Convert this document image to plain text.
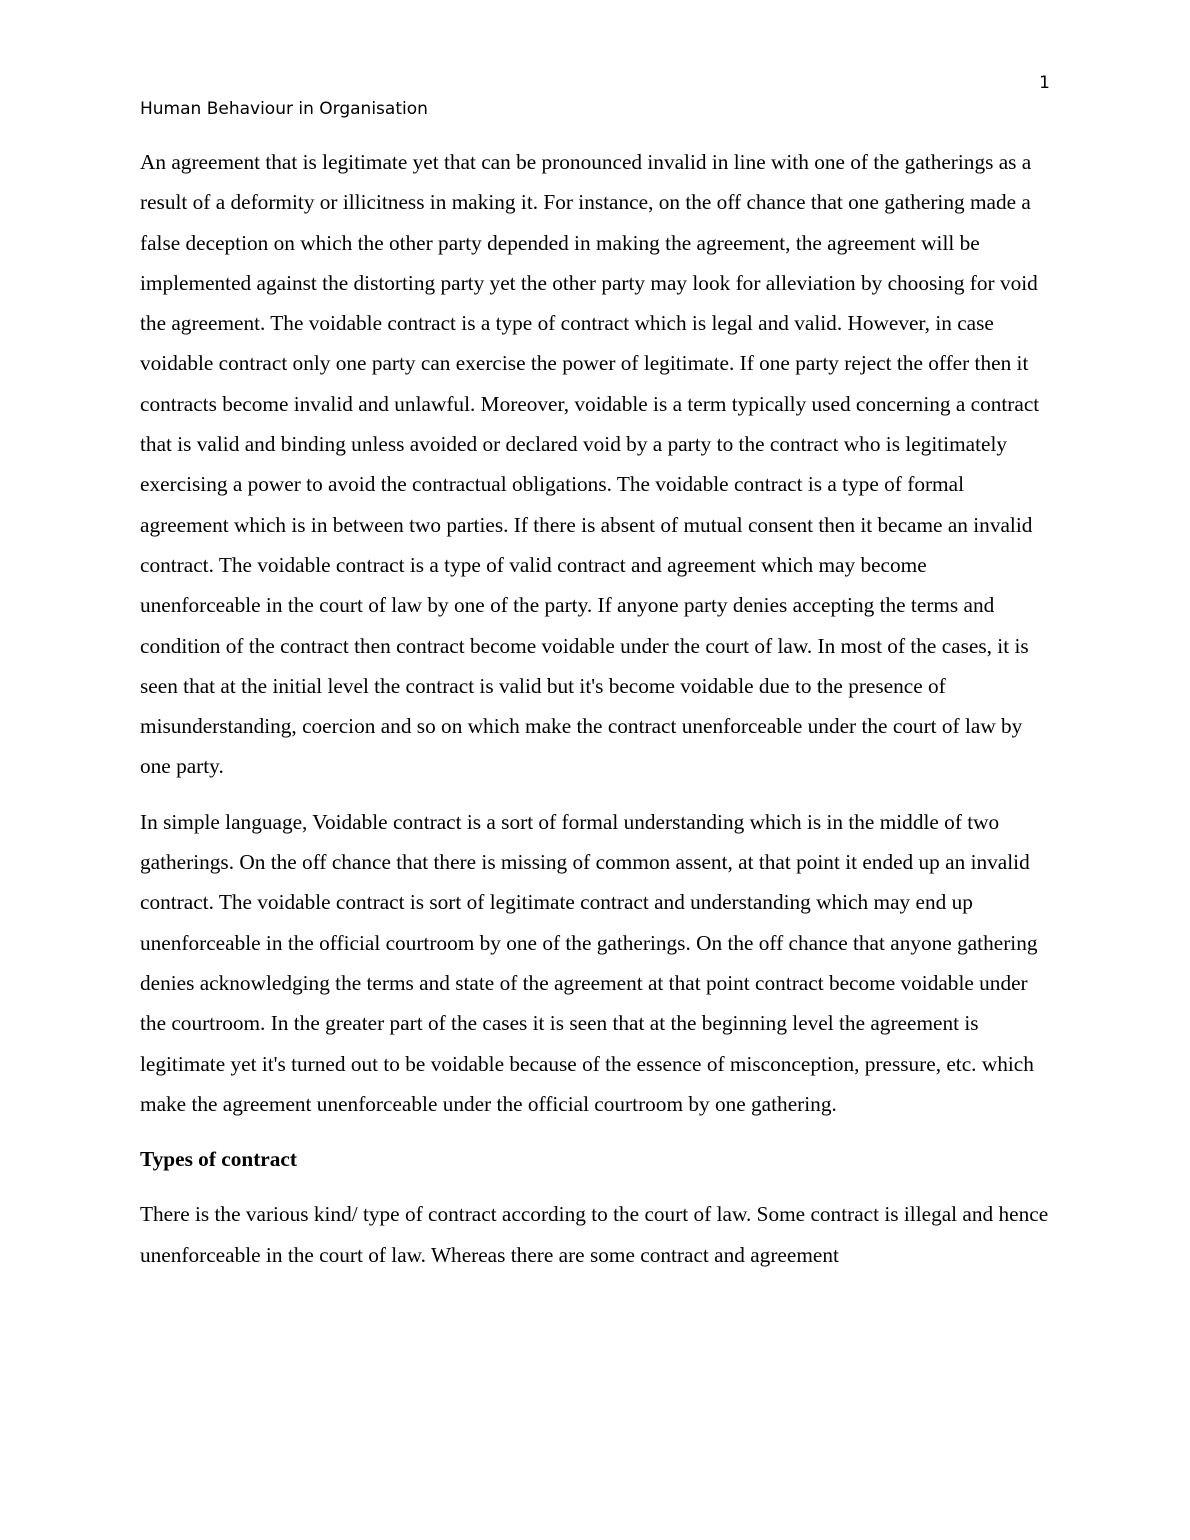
1
Human Behaviour in Organisation

An agreement that is legitimate yet that can be pronounced invalid in line with one of the gatherings as a result of a deformity or illicitness in making it. For instance, on the off chance that one gathering made a false deception on which the other party depended in making the agreement, the agreement will be implemented against the distorting party yet the other party may look for alleviation by choosing for void the agreement. The voidable contract is a type of contract which is legal and valid. However, in case voidable contract only one party can exercise the power of legitimate. If one party reject the offer then it contracts become invalid and unlawful. Moreover, voidable is a term typically used concerning a contract that is valid and binding unless avoided or declared void by a party to the contract who is legitimately exercising a power to avoid the contractual obligations. The voidable contract is a type of formal agreement which is in between two parties. If there is absent of mutual consent then it became an invalid contract. The voidable contract is a type of valid contract and agreement which may become unenforceable in the court of law by one of the party. If anyone party denies accepting the terms and condition of the contract then contract become voidable under the court of law. In most of the cases, it is seen that at the initial level the contract is valid but it's become voidable due to the presence of misunderstanding, coercion and so on which make the contract unenforceable under the court of law by one party.

In simple language, Voidable contract is a sort of formal understanding which is in the middle of two gatherings. On the off chance that there is missing of common assent, at that point it ended up an invalid contract. The voidable contract is sort of legitimate contract and understanding which may end up unenforceable in the official courtroom by one of the gatherings. On the off chance that anyone gathering denies acknowledging the terms and state of the agreement at that point contract become voidable under the courtroom. In the greater part of the cases it is seen that at the beginning level the agreement is legitimate yet it's turned out to be voidable because of the essence of misconception, pressure, etc. which make the agreement unenforceable under the official courtroom by one gathering.

Types of contract

There is the various kind/ type of contract according to the court of law. Some contract is illegal and hence unenforceable in the court of law. Whereas there are some contract and agreement
